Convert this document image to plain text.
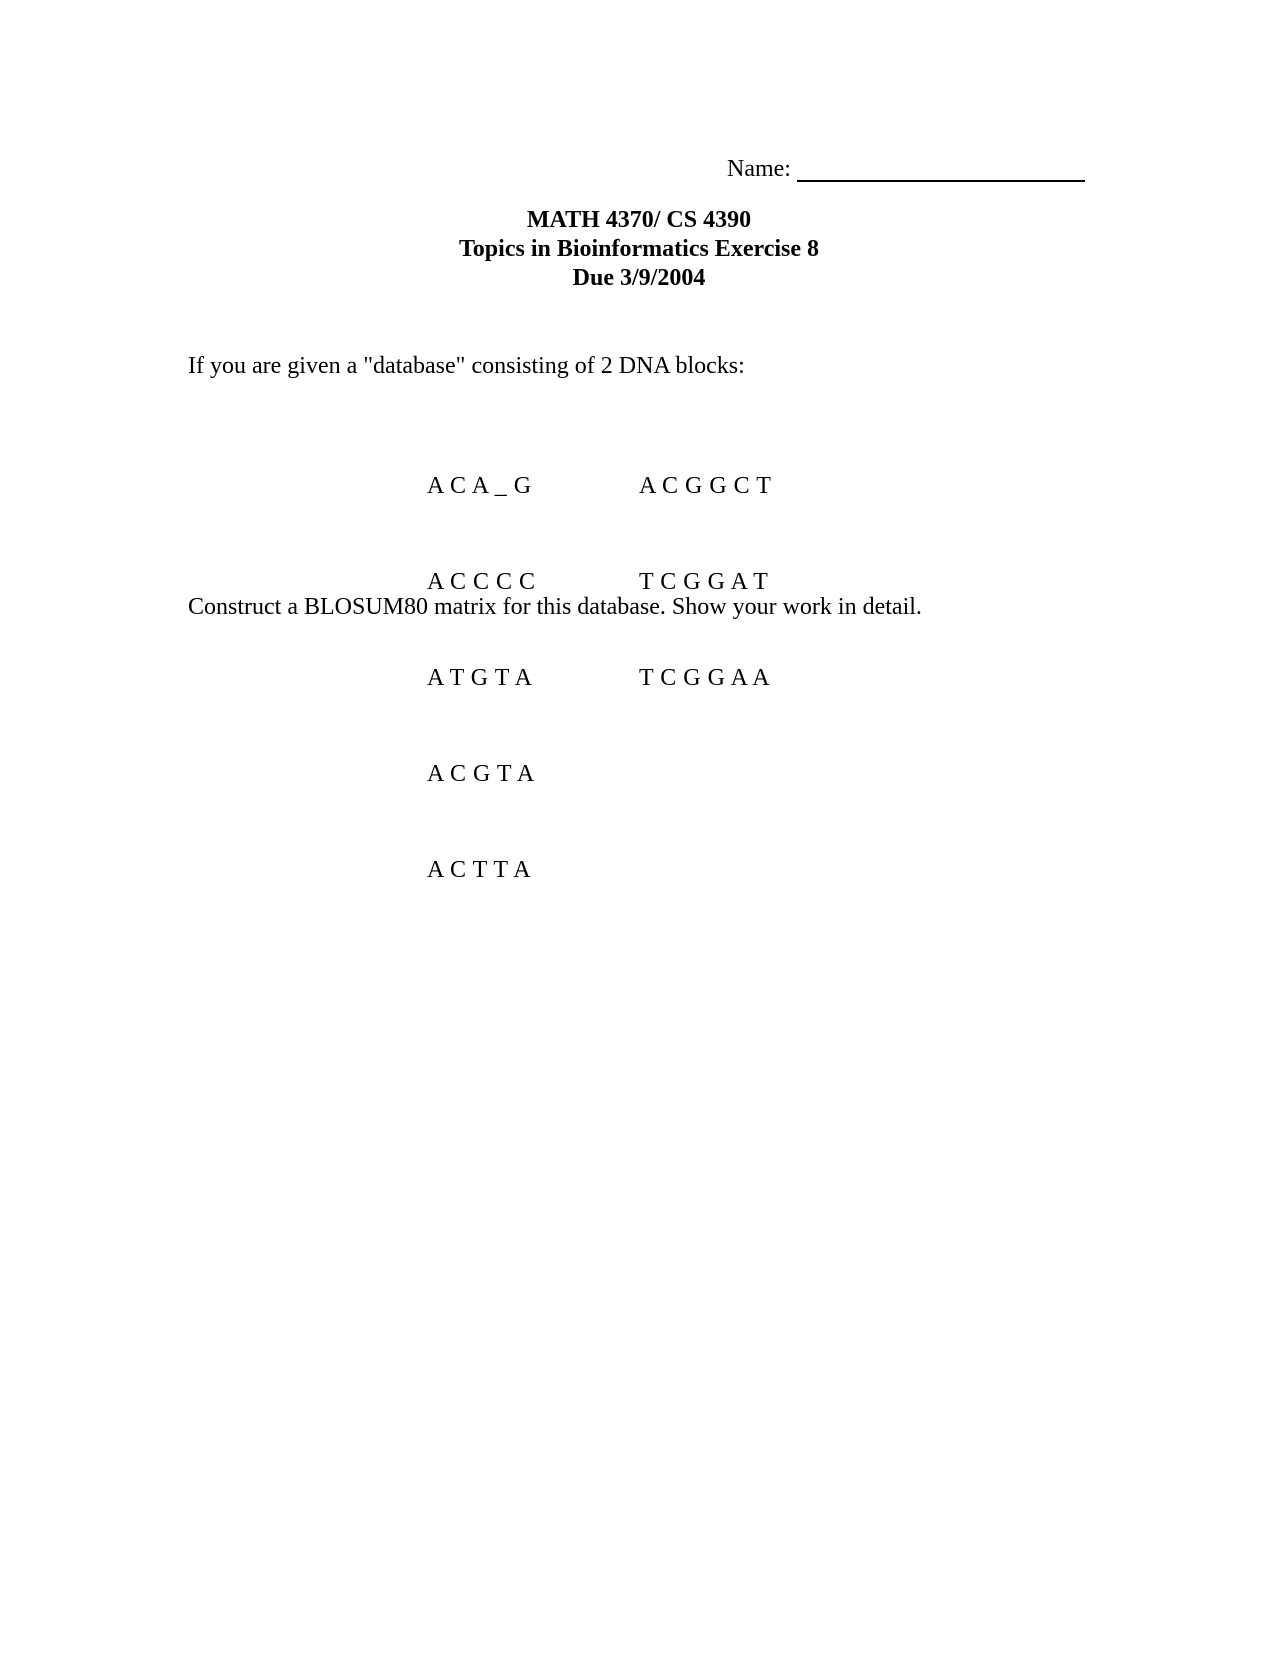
Name:
MATH 4370/ CS 4390
Topics in Bioinformatics Exercise 8
Due 3/9/2004
If you are given a "database" consisting of 2 DNA blocks:

A C A _ G

A C C C C

A T G T A

A C G T A

A C T T A

A C G G C T

T C G G A T

T C G G A A

Construct a BLOSUM80 matrix for this database. Show your work in detail.
